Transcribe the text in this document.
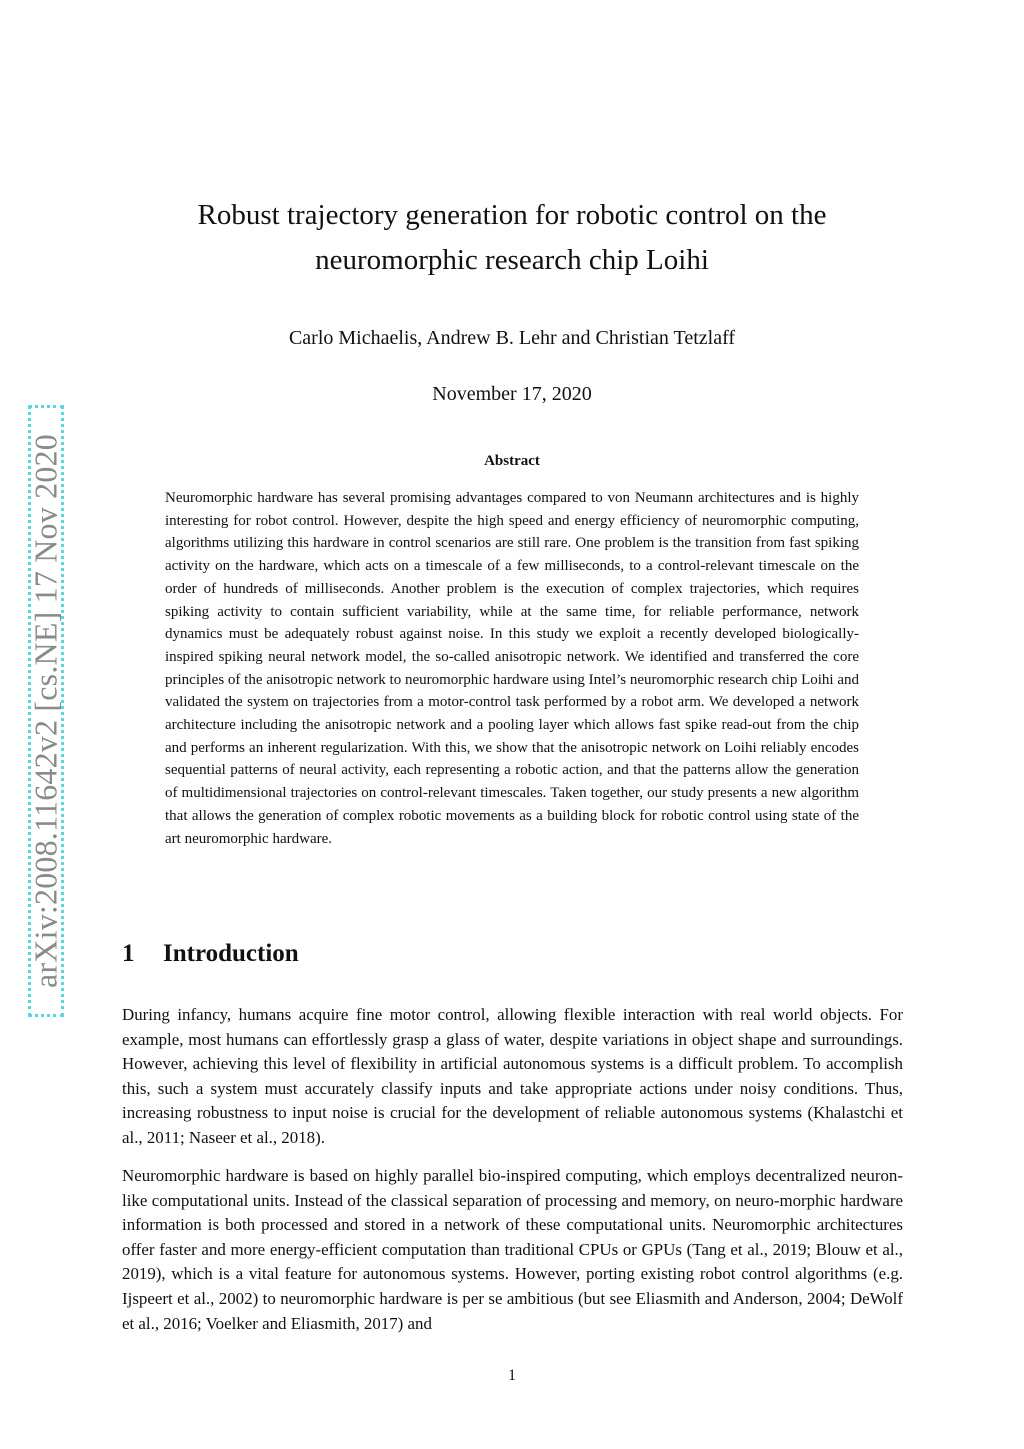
arXiv:2008.11642v2 [cs.NE] 17 Nov 2020
Robust trajectory generation for robotic control on the neuromorphic research chip Loihi
Carlo Michaelis, Andrew B. Lehr and Christian Tetzlaff
November 17, 2020
Abstract

Neuromorphic hardware has several promising advantages compared to von Neumann architectures and is highly interesting for robot control. However, despite the high speed and energy efficiency of neuromorphic computing, algorithms utilizing this hardware in control scenarios are still rare. One problem is the transition from fast spiking activity on the hardware, which acts on a timescale of a few milliseconds, to a control-relevant timescale on the order of hundreds of milliseconds. Another problem is the execution of complex trajectories, which requires spiking activity to contain sufficient variability, while at the same time, for reliable performance, network dynamics must be adequately robust against noise. In this study we exploit a recently developed biologically-inspired spiking neural network model, the so-called anisotropic network. We identified and transferred the core principles of the anisotropic network to neuromorphic hardware using Intel’s neuromorphic research chip Loihi and validated the system on trajectories from a motor-control task performed by a robot arm. We developed a network architecture including the anisotropic network and a pooling layer which allows fast spike read-out from the chip and performs an inherent regularization. With this, we show that the anisotropic network on Loihi reliably encodes sequential patterns of neural activity, each representing a robotic action, and that the patterns allow the generation of multidimensional trajectories on control-relevant timescales. Taken together, our study presents a new algorithm that allows the generation of complex robotic movements as a building block for robotic control using state of the art neuromorphic hardware.

1 Introduction

During infancy, humans acquire fine motor control, allowing flexible interaction with real world objects. For example, most humans can effortlessly grasp a glass of water, despite variations in object shape and surroundings. However, achieving this level of flexibility in artificial autonomous systems is a difficult problem. To accomplish this, such a system must accurately classify inputs and take appropriate actions under noisy conditions. Thus, increasing robustness to input noise is crucial for the development of reliable autonomous systems (Khalastchi et al., 2011; Naseer et al., 2018).

Neuromorphic hardware is based on highly parallel bio-inspired computing, which employs decentralized neuron-like computational units. Instead of the classical separation of processing and memory, on neuro-morphic hardware information is both processed and stored in a network of these computational units. Neuromorphic architectures offer faster and more energy-efficient computation than traditional CPUs or GPUs (Tang et al., 2019; Blouw et al., 2019), which is a vital feature for autonomous systems. However, porting existing robot control algorithms (e.g. Ijspeert et al., 2002) to neuromorphic hardware is per se ambitious (but see Eliasmith and Anderson, 2004; DeWolf et al., 2016; Voelker and Eliasmith, 2017) and

1
